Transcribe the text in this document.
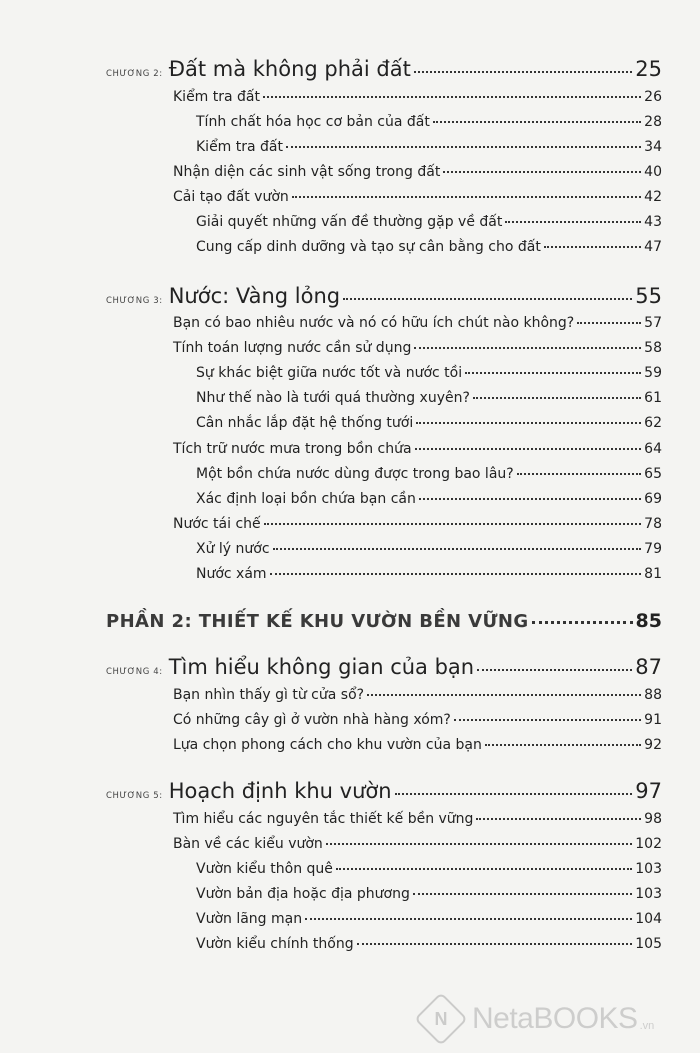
CHƯƠNG 2: Đất mà không phải đất	25
Kiểm tra đất	26
Tính chất hóa học cơ bản của đất	28
Kiểm tra đất	34
Nhận diện các sinh vật sống trong đất	40
Cải tạo đất vườn	42
Giải quyết những vấn đề thường gặp về đất	43
Cung cấp dinh dưỡng và tạo sự cân bằng cho đất	47
CHƯƠNG 3: Nước: Vàng lỏng	55
Bạn có bao nhiêu nước và nó có hữu ích chút nào không?	57
Tính toán lượng nước cần sử dụng	58
Sự khác biệt giữa nước tốt và nước tồi	59
Như thế nào là tưới quá thường xuyên?	61
Cân nhắc lắp đặt hệ thống tưới	62
Tích trữ nước mưa trong bồn chứa	64
Một bồn chứa nước dùng được trong bao lâu?	65
Xác định loại bồn chứa bạn cần	69
Nước tái chế	78
Xử lý nước	79
Nước xám	81
PHẦN 2: THIẾT KẾ KHU VƯỜN BỀN VỮNG	85
CHƯƠNG 4: Tìm hiểu không gian của bạn	87
Bạn nhìn thấy gì từ cửa sổ?	88
Có những cây gì ở vườn nhà hàng xóm?	91
Lựa chọn phong cách cho khu vườn của bạn	92
CHƯƠNG 5: Hoạch định khu vườn	97
Tìm hiểu các nguyên tắc thiết kế bền vững	98
Bàn về các kiểu vườn	102
Vườn kiểu thôn quê	103
Vườn bản địa hoặc địa phương	103
Vườn lãng mạn	104
Vườn kiểu chính thống	105
N NetaBOOKS .vn
